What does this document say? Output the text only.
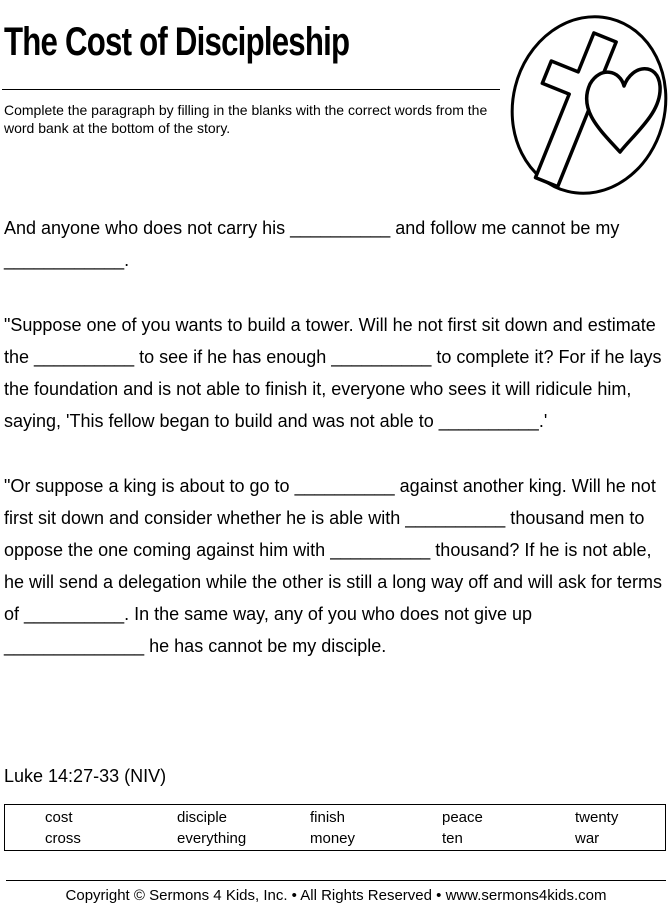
The Cost of Discipleship

Complete the paragraph by filling in the blanks with the correct words from the word bank at the bottom of the story.

And anyone who does not carry his __________ and follow me cannot be my ____________.

"Suppose one of you wants to build a tower. Will he not first sit down and estimate the __________ to see if he has enough __________ to complete it? For if he lays the foundation and is not able to finish it, everyone who sees it will ridicule him, saying, 'This fellow began to build and was not able to __________.'

"Or suppose a king is about to go to __________ against another king. Will he not first sit down and consider whether he is able with __________ thousand men to oppose the one coming against him with __________ thousand? If he is not able, he will send a delegation while the other is still a long way off and will ask for terms of __________. In the same way, any of you who does not give up ______________ he has cannot be my disciple.

Luke 14:27-33 (NIV)

cost	disciple	finish	peace	twenty
cross	everything	money	ten	war

Copyright © Sermons 4 Kids, Inc. • All Rights Reserved • www.sermons4kids.com
